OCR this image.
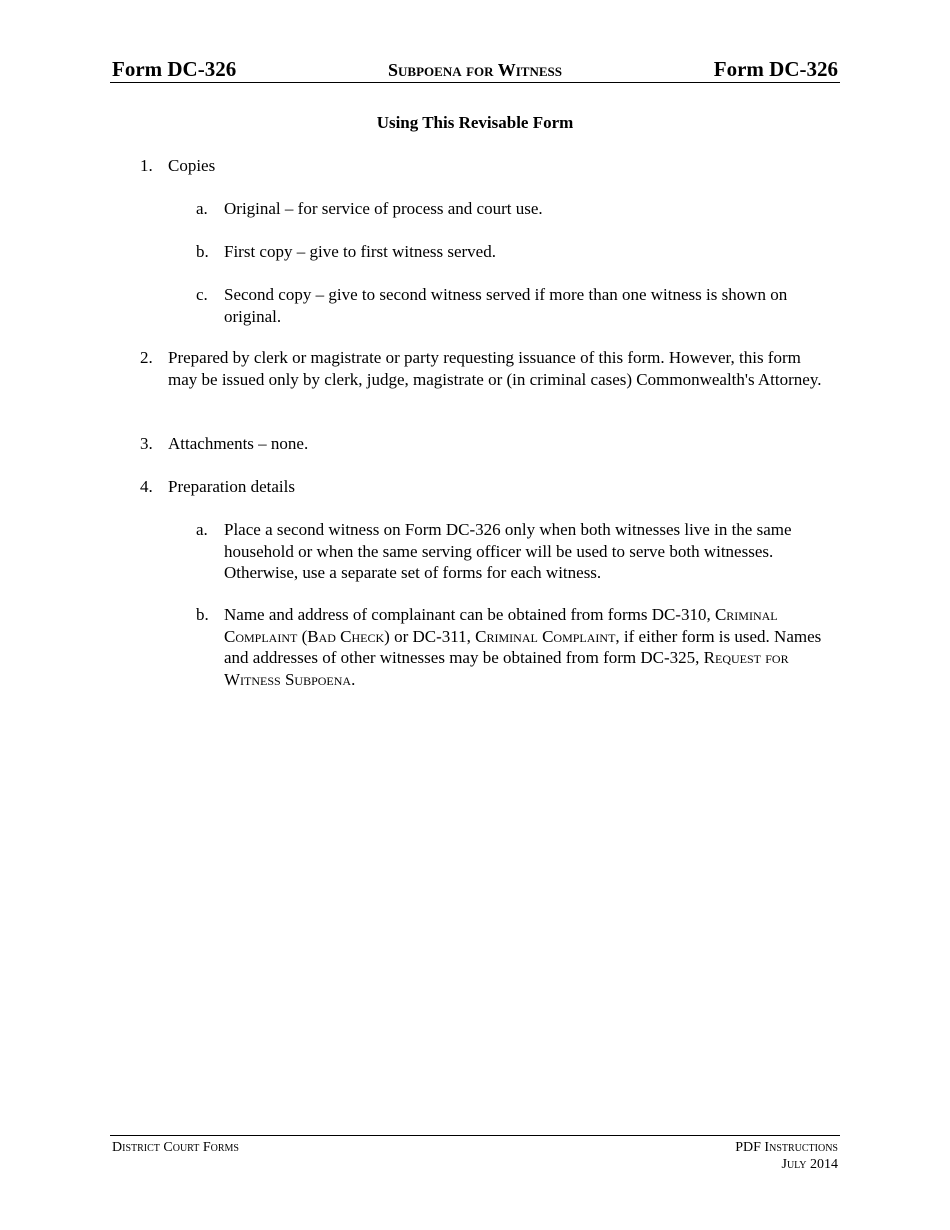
Form DC-326	Subpoena for Witness	Form DC-326
Using This Revisable Form
1. Copies
a. Original – for service of process and court use.
b. First copy – give to first witness served.
c. Second copy – give to second witness served if more than one witness is shown on original.
2. Prepared by clerk or magistrate or party requesting issuance of this form. However, this form may be issued only by clerk, judge, magistrate or (in criminal cases) Commonwealth's Attorney.
3. Attachments – none.
4. Preparation details
a. Place a second witness on Form DC-326 only when both witnesses live in the same household or when the same serving officer will be used to serve both witnesses. Otherwise, use a separate set of forms for each witness.
b. Name and address of complainant can be obtained from forms DC-310, Criminal Complaint (Bad Check) or DC-311, Criminal Complaint, if either form is used. Names and addresses of other witnesses may be obtained from form DC-325, Request for Witness Subpoena.
District Court Forms	PDF Instructions
July 2014
